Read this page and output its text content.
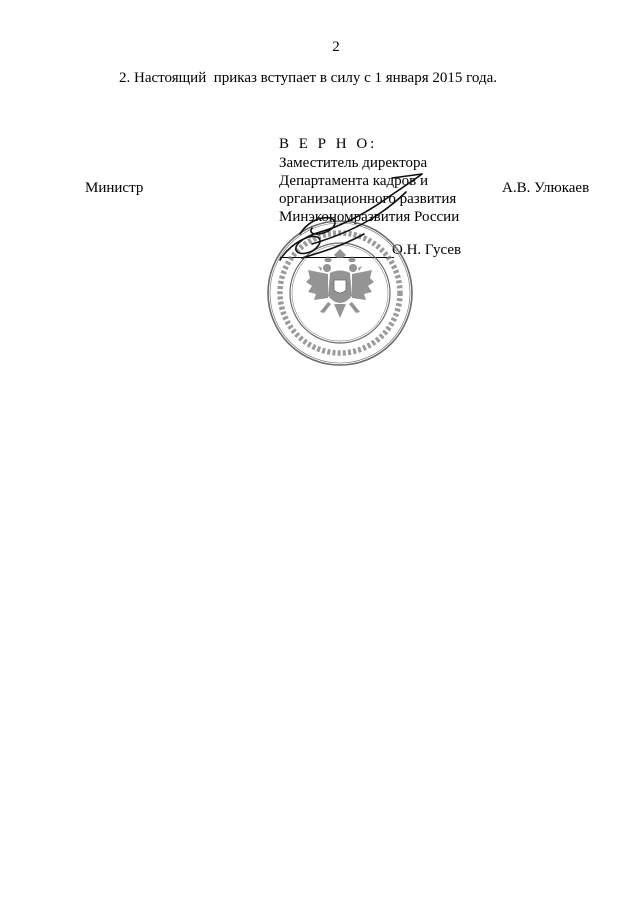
2
2. Настоящий  приказ вступает в силу с 1 января 2015 года.
Министр	А.В. Улюкаев
В Е Р Н О:
Заместитель директора
Департамента кадров и
организационного развития
Минэкономразвития России
О.Н. Гусев
